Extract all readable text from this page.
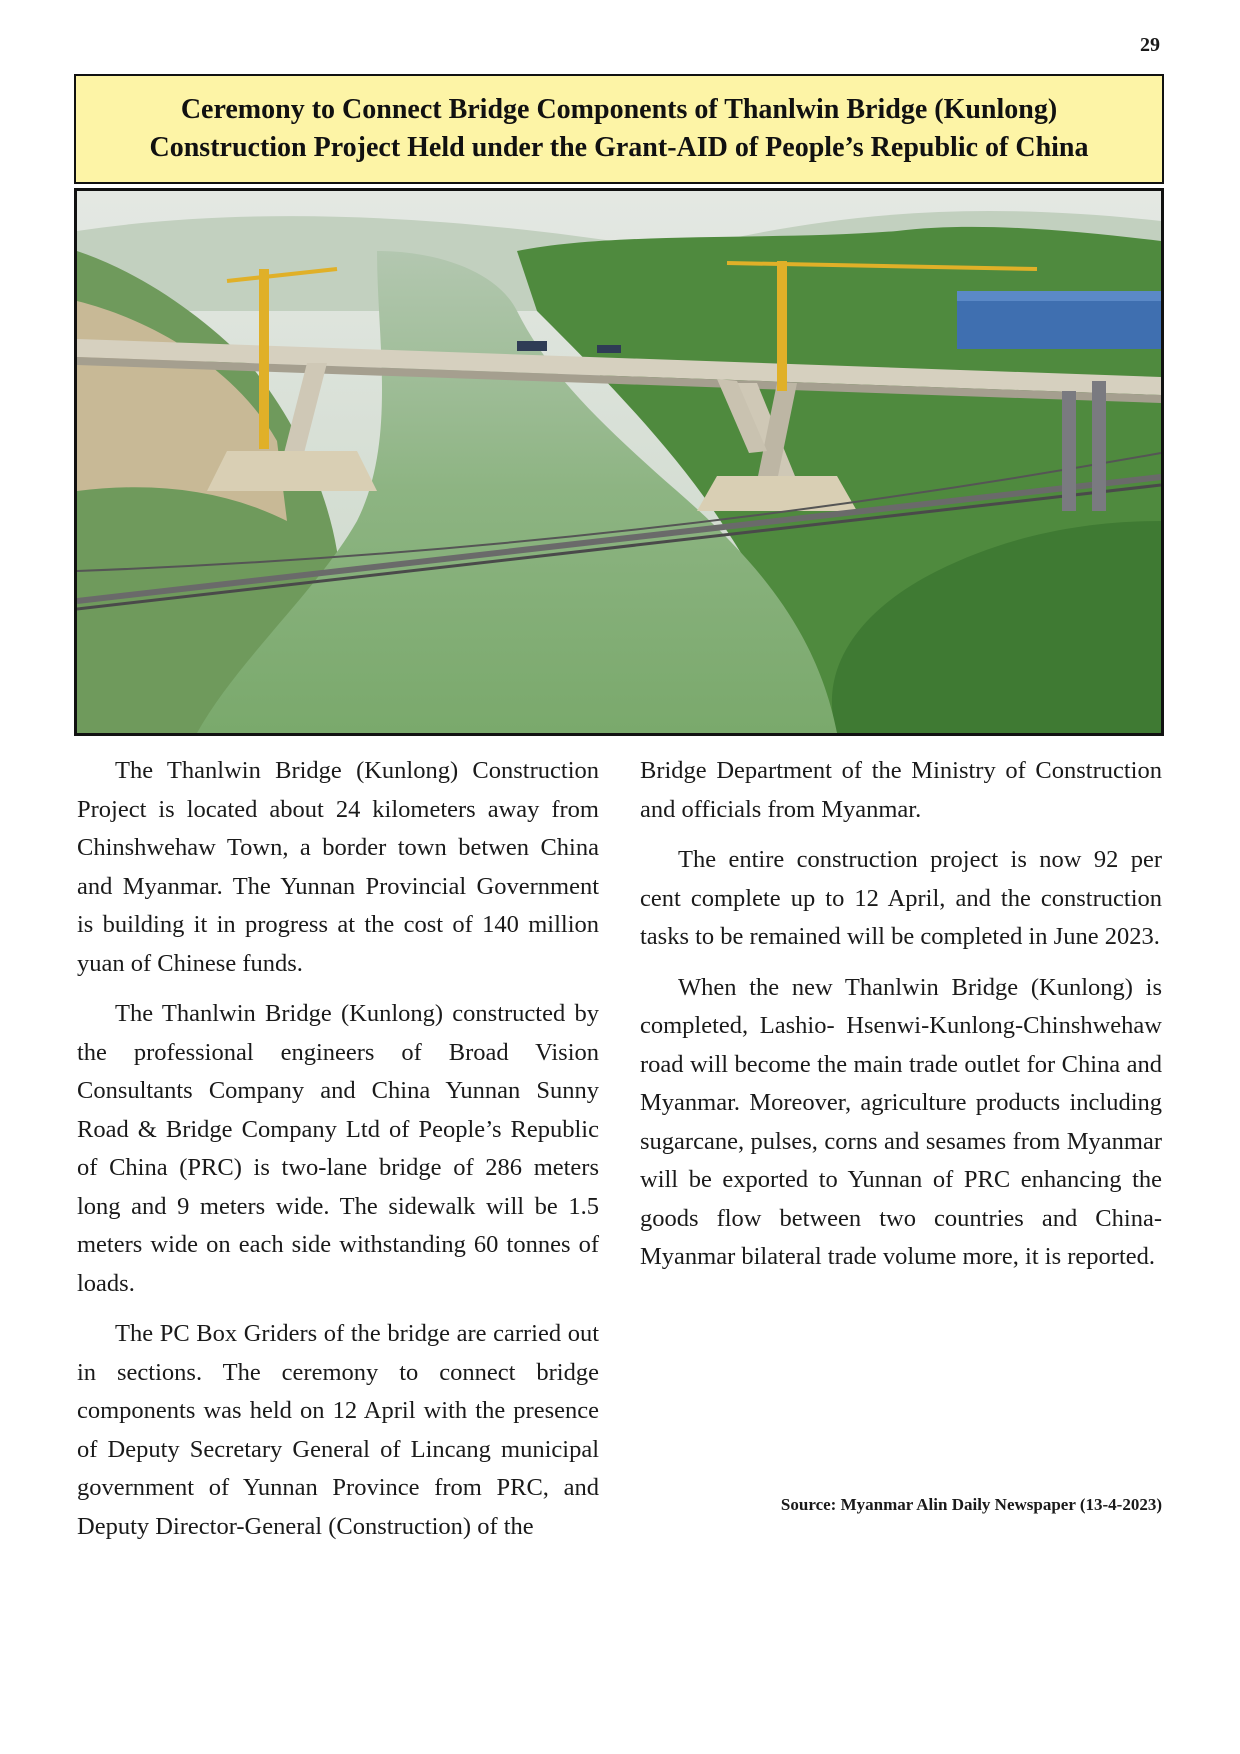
29
Ceremony to Connect Bridge Components of Thanlwin Bridge (Kunlong)
Construction Project Held under the Grant-AID of People’s Republic of China

The Thanlwin Bridge (Kunlong) Construction Project is located about 24 kilometers away from Chinshwehaw Town, a border town betwen China and Myanmar. The Yunnan Provincial Government is building it in progress at the cost of 140 million yuan of Chinese funds.

The Thanlwin Bridge (Kunlong) constructed by the professional engineers of Broad Vision Consultants Company and China Yunnan Sunny Road & Bridge Company Ltd of People’s Republic of China (PRC) is two-lane bridge of 286 meters long and 9 meters wide. The sidewalk will be 1.5 meters wide on each side withstanding 60 tonnes of loads.

The PC Box Griders of the bridge are carried out in sections. The ceremony to connect bridge components was held on 12 April with the presence of Deputy Secretary General of Lincang municipal government of Yunnan Province from PRC, and Deputy Director-General (Construction) of the

Bridge Department of the Ministry of Construction and officials from Myanmar.

The entire construction project is now 92 per cent complete up to 12 April, and the construction tasks to be remained will be completed in June 2023.

When the new Thanlwin Bridge (Kunlong) is completed, Lashio- Hsenwi-Kunlong-Chinshwehaw road will become the main trade outlet for China and Myanmar. Moreover, agriculture products including sugarcane, pulses, corns and sesames from Myanmar will be exported to Yunnan of PRC enhancing the goods flow between two countries and China-Myanmar bilateral trade volume more, it is reported.

Source: Myanmar Alin Daily Newspaper (13-4-2023)
